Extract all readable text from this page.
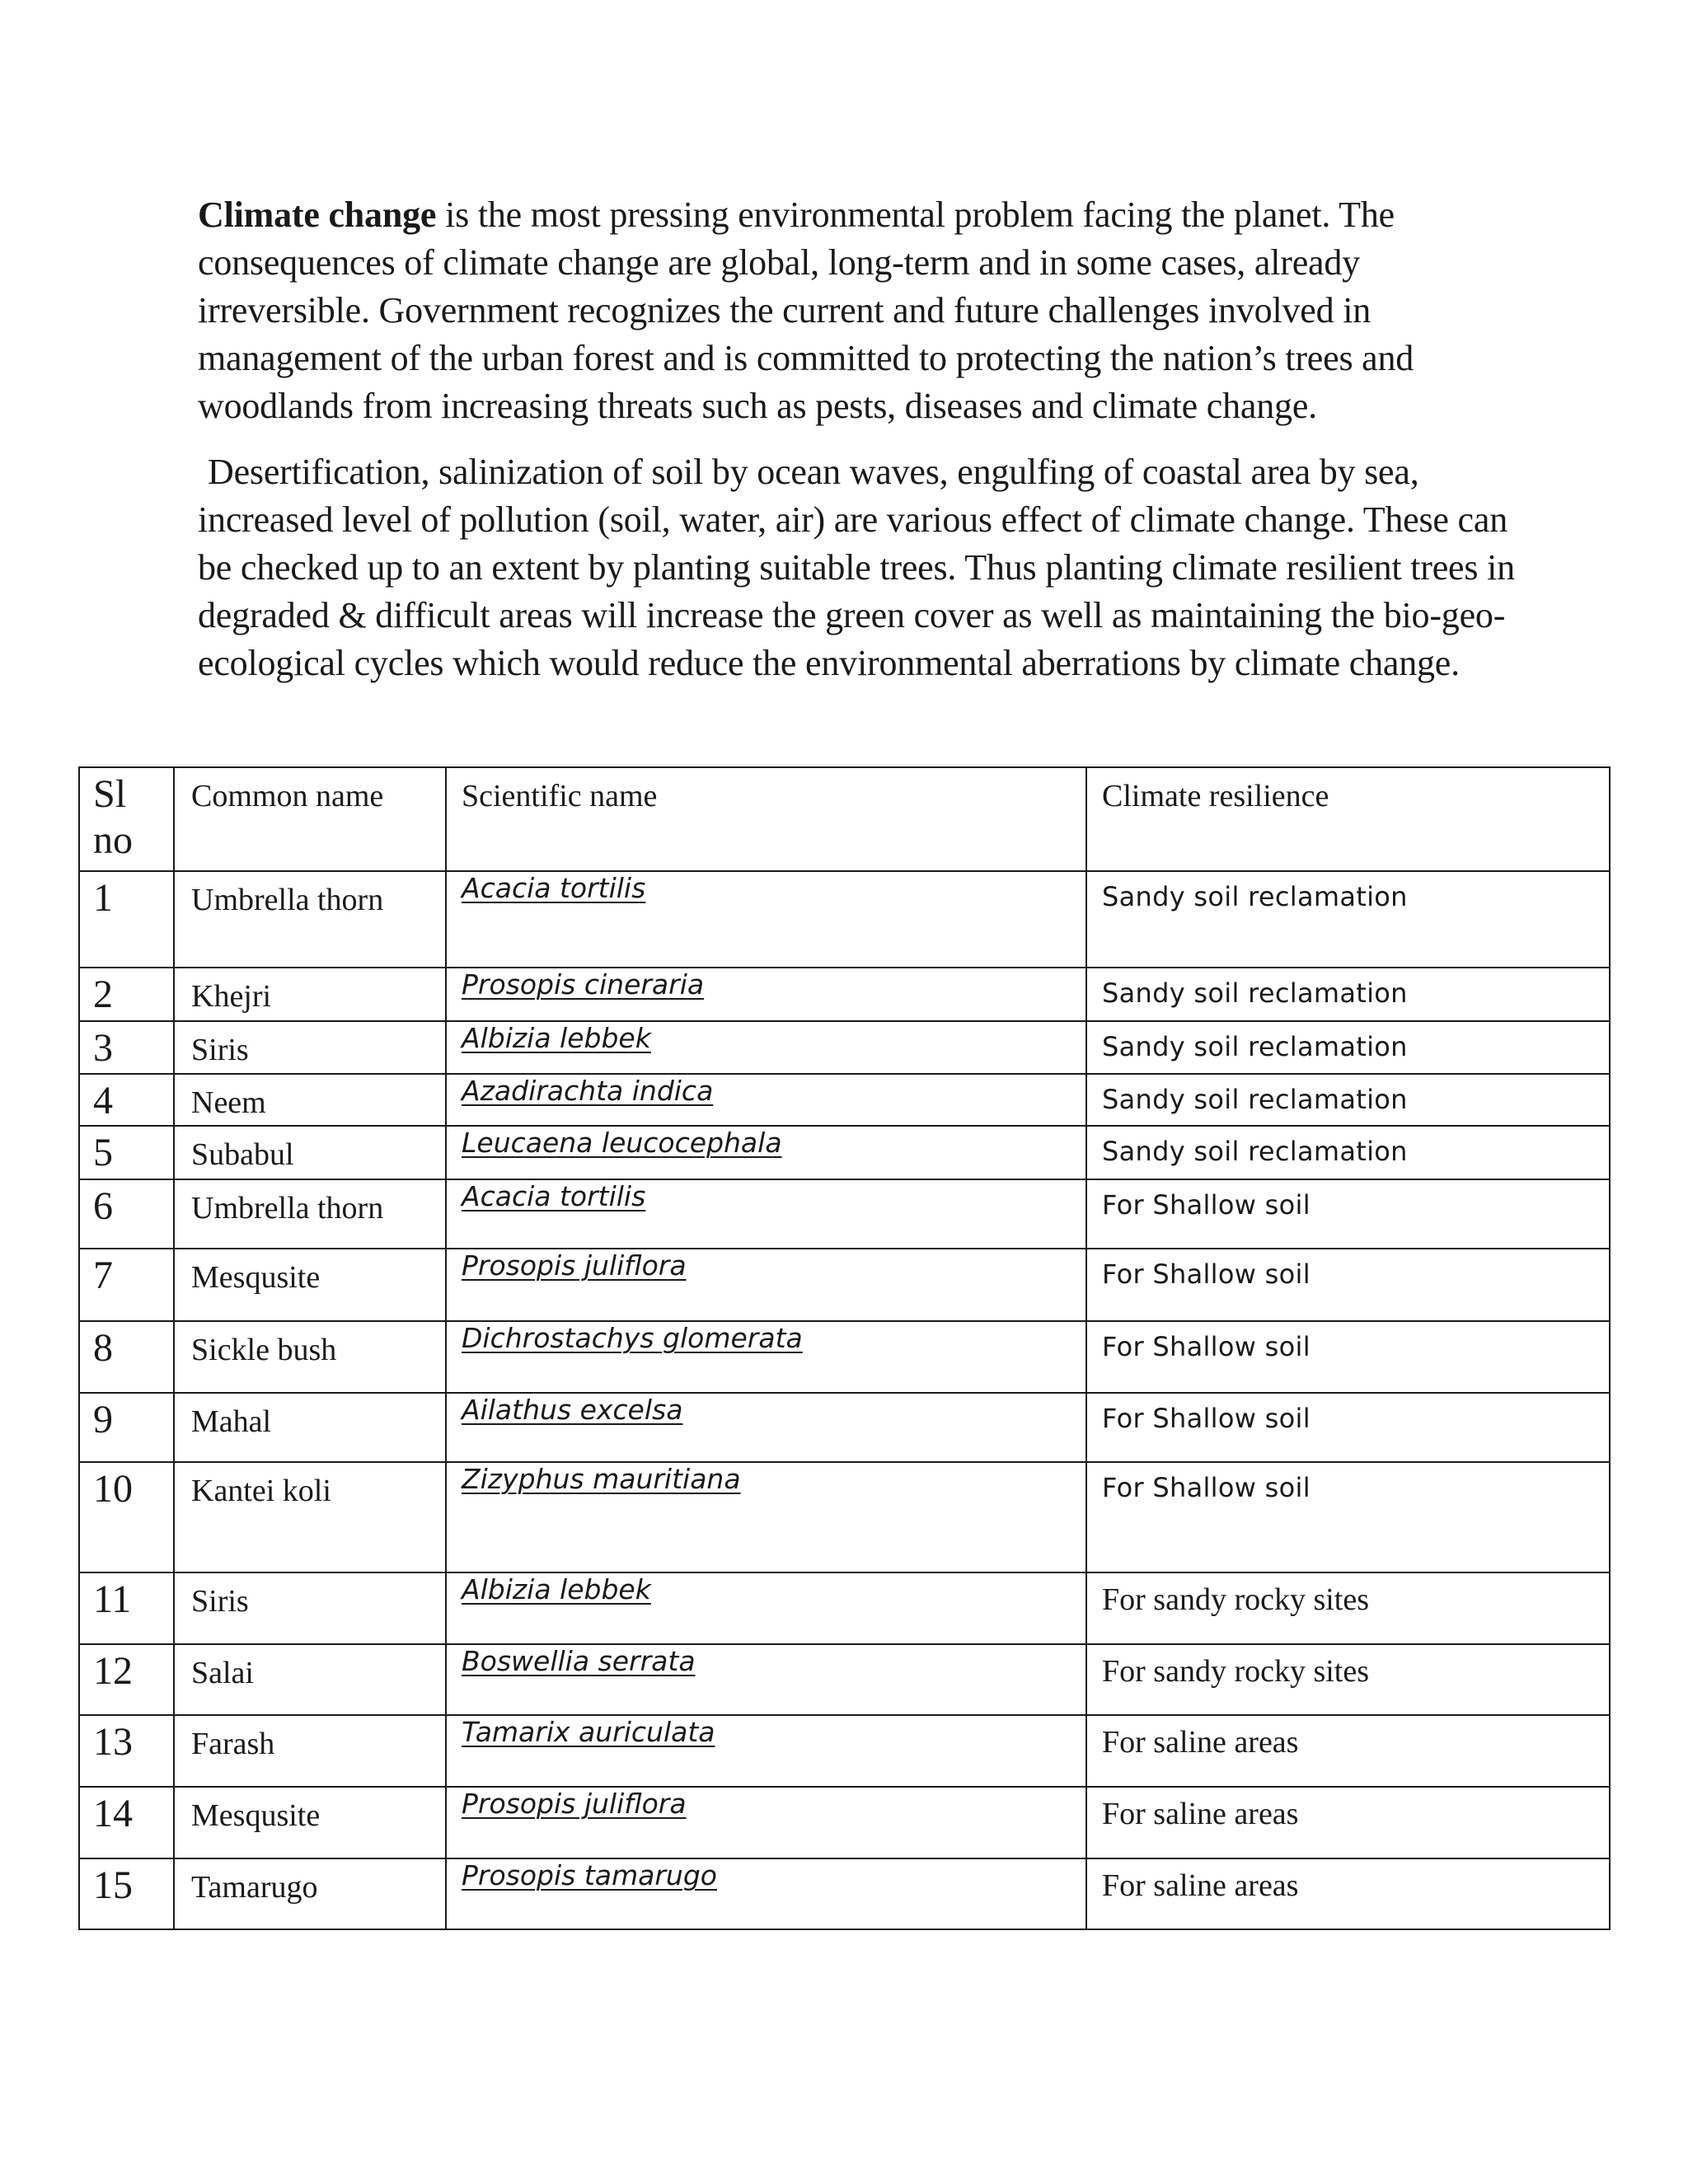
Climate change is the most pressing environmental problem facing the planet. The consequences of climate change are global, long-term and in some cases, already irreversible. Government recognizes the current and future challenges involved in management of the urban forest and is committed to protecting the nation’s trees and woodlands from increasing threats such as pests, diseases and climate change.

Desertification, salinization of soil by ocean waves, engulfing of coastal area by sea, increased level of pollution (soil, water, air) are various effect of climate change. These can be checked up to an extent by planting suitable trees. Thus planting climate resilient trees in degraded & difficult areas will increase the green cover as well as maintaining the bio-geo-ecological cycles which would reduce the environmental aberrations by climate change.

Sl
no	Common name	Scientific name	Climate resilience
1	Umbrella thorn	Acacia tortilis	Sandy soil reclamation
2	Khejri	Prosopis cineraria	Sandy soil reclamation
3	Siris	Albizia lebbek	Sandy soil reclamation
4	Neem	Azadirachta indica	Sandy soil reclamation
5	Subabul	Leucaena leucocephala	Sandy soil reclamation
6	Umbrella thorn	Acacia tortilis	For Shallow soil
7	Mesqusite	Prosopis juliflora	For Shallow soil
8	Sickle bush	Dichrostachys glomerata	For Shallow soil
9	Mahal	Ailathus excelsa	For Shallow soil
10	Kantei koli	Zizyphus mauritiana	For Shallow soil
11	Siris	Albizia lebbek	For sandy rocky sites
12	Salai	Boswellia serrata	For sandy rocky sites
13	Farash	Tamarix auriculata	For saline areas
14	Mesqusite	Prosopis juliflora	For saline areas
15	Tamarugo	Prosopis tamarugo	For saline areas
